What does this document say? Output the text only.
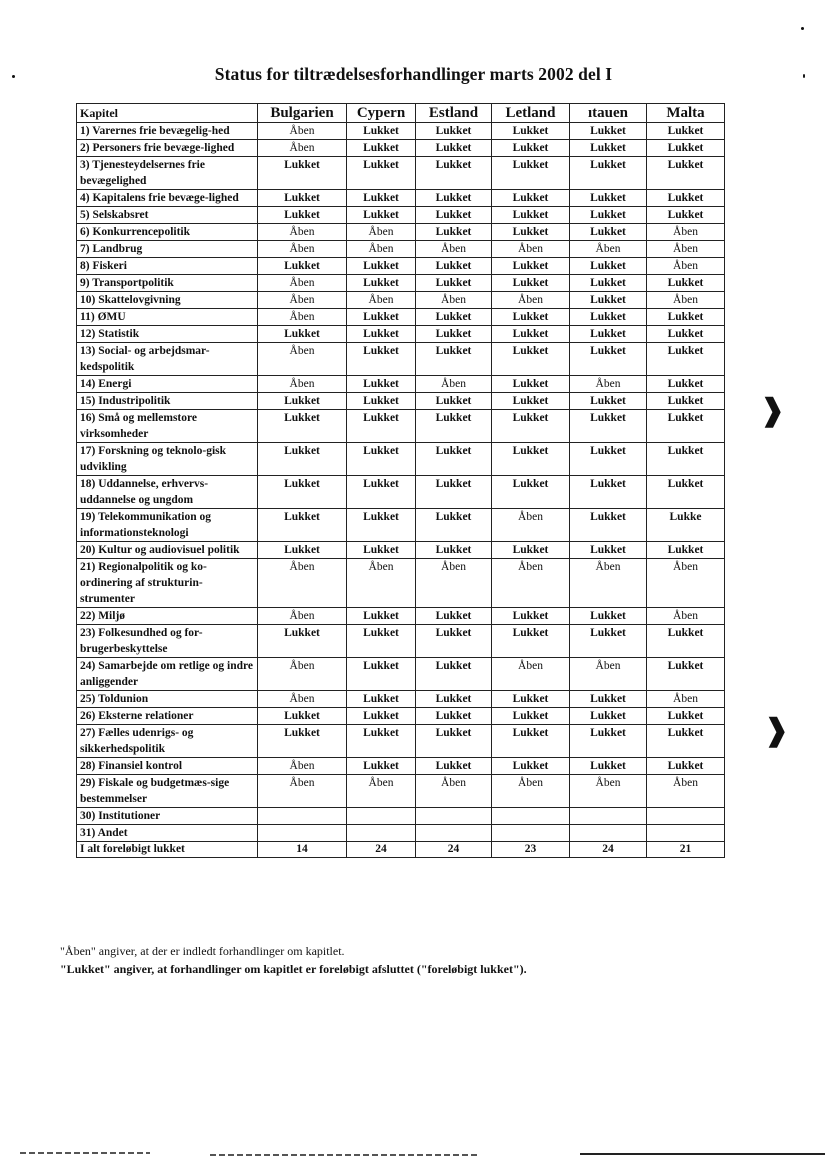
Status for tiltrædelsesforhandlinger marts 2002 del I
Kapitel	Bulgarien	Cypern	Estland	Letland	ıtauen	Malta
1) Varernes frie bevægelig-hed	Åben	Lukket	Lukket	Lukket	Lukket	Lukket
2) Personers frie bevæge-lighed	Åben	Lukket	Lukket	Lukket	Lukket	Lukket
3) Tjenesteydelsernes frie bevægelighed	Lukket	Lukket	Lukket	Lukket	Lukket	Lukket
4) Kapitalens frie bevæge-lighed	Lukket	Lukket	Lukket	Lukket	Lukket	Lukket
5) Selskabsret	Lukket	Lukket	Lukket	Lukket	Lukket	Lukket
6) Konkurrencepolitik	Åben	Åben	Lukket	Lukket	Lukket	Åben
7) Landbrug	Åben	Åben	Åben	Åben	Åben	Åben
8) Fiskeri	Lukket	Lukket	Lukket	Lukket	Lukket	Åben
9) Transportpolitik	Åben	Lukket	Lukket	Lukket	Lukket	Lukket
10) Skattelovgivning	Åben	Åben	Åben	Åben	Lukket	Åben
11) ØMU	Åben	Lukket	Lukket	Lukket	Lukket	Lukket
12) Statistik	Lukket	Lukket	Lukket	Lukket	Lukket	Lukket
13) Social- og arbejdsmar-kedspolitik	Åben	Lukket	Lukket	Lukket	Lukket	Lukket
14) Energi	Åben	Lukket	Åben	Lukket	Åben	Lukket
15) Industripolitik	Lukket	Lukket	Lukket	Lukket	Lukket	Lukket
16) Små og mellemstore virksomheder	Lukket	Lukket	Lukket	Lukket	Lukket	Lukket
17) Forskning og teknolo-gisk udvikling	Lukket	Lukket	Lukket	Lukket	Lukket	Lukket
18) Uddannelse, erhvervs-uddannelse og ungdom	Lukket	Lukket	Lukket	Lukket	Lukket	Lukket
19) Telekommunikation og informationsteknologi	Lukket	Lukket	Lukket	Åben	Lukket	Lukke
20) Kultur og audiovisuel politik	Lukket	Lukket	Lukket	Lukket	Lukket	Lukket
21) Regionalpolitik og ko-ordinering af strukturin-strumenter	Åben	Åben	Åben	Åben	Åben	Åben
22) Miljø	Åben	Lukket	Lukket	Lukket	Lukket	Åben
23) Folkesundhed og for-brugerbeskyttelse	Lukket	Lukket	Lukket	Lukket	Lukket	Lukket
24) Samarbejde om retlige og indre anliggender	Åben	Lukket	Lukket	Åben	Åben	Lukket
25) Toldunion	Åben	Lukket	Lukket	Lukket	Lukket	Åben
26) Eksterne relationer	Lukket	Lukket	Lukket	Lukket	Lukket	Lukket
27) Fælles udenrigs- og sikkerhedspolitik	Lukket	Lukket	Lukket	Lukket	Lukket	Lukket
28) Finansiel kontrol	Åben	Lukket	Lukket	Lukket	Lukket	Lukket
29) Fiskale og budgetmæs-sige bestemmelser	Åben	Åben	Åben	Åben	Åben	Åben
30) Institutioner						
31) Andet						
I alt foreløbigt lukket	14	24	24	23	24	21
"Åben" angiver, at der er indledt forhandlinger om kapitlet.
"Lukket" angiver, at forhandlinger om kapitlet er foreløbigt afsluttet ("foreløbigt lukket").
❱
❱
